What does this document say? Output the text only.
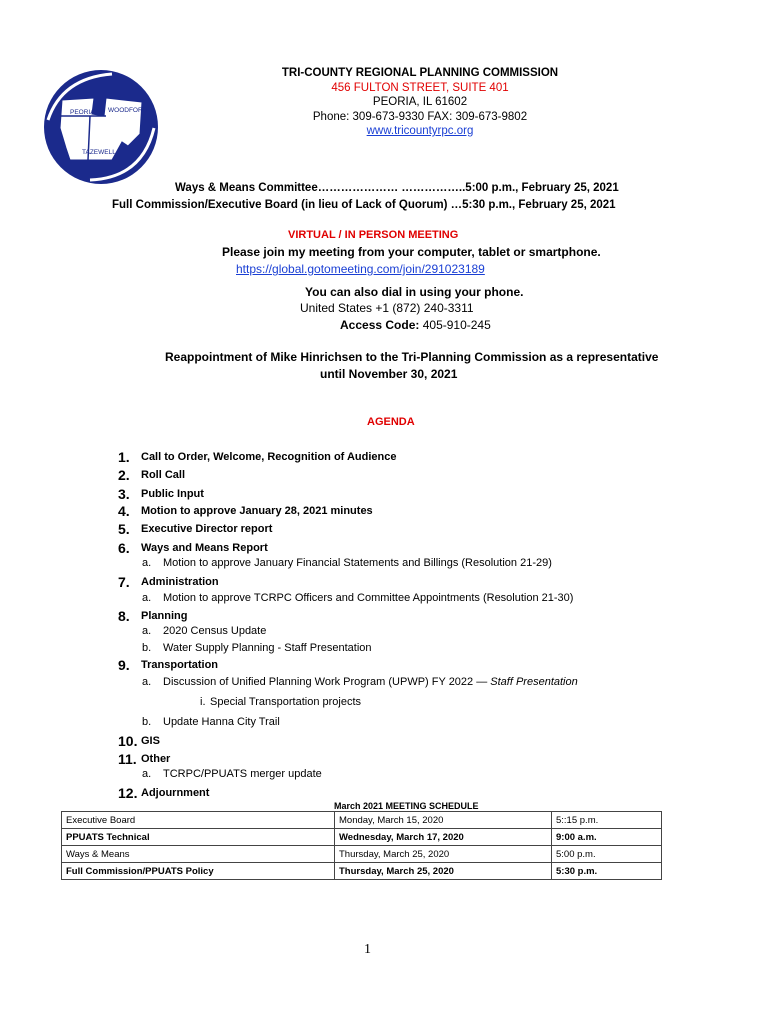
PEORIA WOODFORD
TAZEWELL
TRI-COUNTY REGIONAL PLANNING COMMISSION
456 FULTON STREET, SUITE 401
PEORIA, IL 61602
Phone: 309-673-9330 FAX: 309-673-9802
www.tricountyrpc.org
Ways & Means Committee………………… ……………..5:00 p.m., February 25, 2021
Full Commission/Executive Board (in lieu of Lack of Quorum) …5:30 p.m., February 25, 2021
VIRTUAL / IN PERSON MEETING
Please join my meeting from your computer, tablet or smartphone.
https://global.gotomeeting.com/join/291023189
You can also dial in using your phone.
United States +1 (872) 240-3311
Access Code: 405-910-245
Reappointment of Mike Hinrichsen to the Tri-Planning Commission as a representative
until November 30, 2021
AGENDA
1. Call to Order, Welcome, Recognition of Audience
2. Roll Call
3. Public Input
4. Motion to approve January 28, 2021 minutes
5. Executive Director report
6. Ways and Means Report
a. Motion to approve January Financial Statements and Billings (Resolution 21-29)
7. Administration
a. Motion to approve TCRPC Officers and Committee Appointments (Resolution 21-30)
8. Planning
a. 2020 Census Update
b. Water Supply Planning - Staff Presentation
9. Transportation
a. Discussion of Unified Planning Work Program (UPWP) FY 2022 — Staff Presentation
i. Special Transportation projects
b. Update Hanna City Trail
10. GIS
11. Other
a. TCRPC/PPUATS merger update
12. Adjournment
March 2021 MEETING SCHEDULE
Executive Board	Monday, March 15, 2020	5::15 p.m.
PPUATS Technical	Wednesday, March 17, 2020	9:00 a.m.
Ways & Means	Thursday, March 25, 2020	5:00 p.m.
Full Commission/PPUATS Policy	Thursday, March 25, 2020	5:30 p.m.
1
